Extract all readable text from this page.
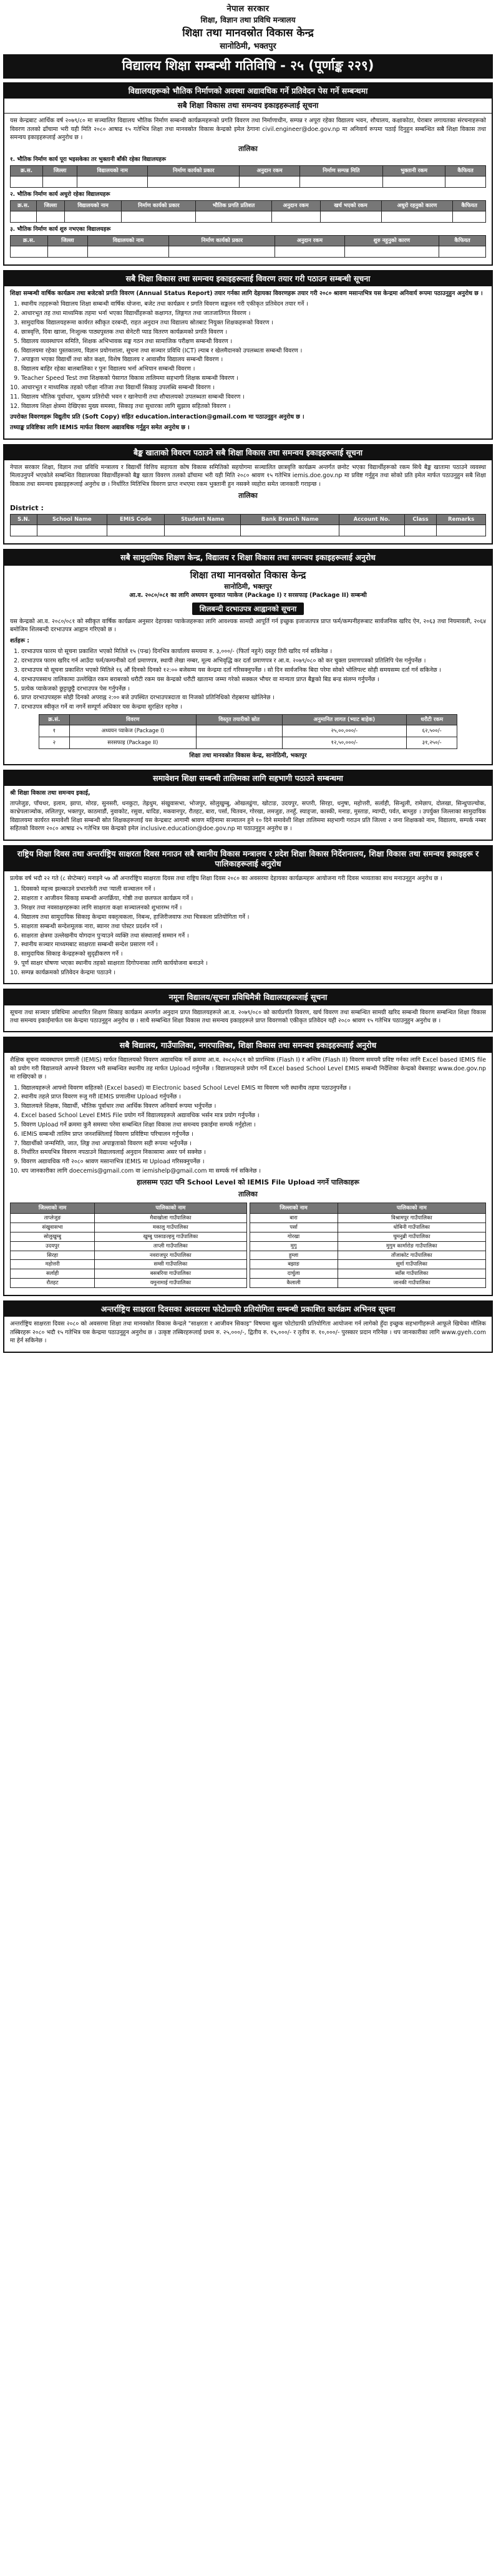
नेपाल सरकार
शिक्षा, विज्ञान तथा प्रविधि मन्त्रालय
शिक्षा तथा मानवस्रोत विकास केन्द्र
सानोठिमी, भक्तपुर
विद्यालय शिक्षा सम्बन्धी गतिविधि - २५ (पूर्णाङ्क २२९)
विद्यालयहरूको भौतिक निर्माणको अवस्था अद्यावधिक गर्ने प्रतिवेदन पेस गर्ने सम्बन्धमा
सबै शिक्षा विकास तथा समन्वय इकाइहरूलाई सूचना

यस केन्द्रबाट आर्थिक वर्ष २०७९/८० मा सञ्चालित विद्यालय भौतिक निर्माण सम्बन्धी कार्यक्रमहरूको प्रगति विवरण तथा निर्माणाधीन, सम्पन्न र अपूरा रहेका विद्यालय भवन, शौचालय, कक्षाकोठा, घेराबार लगायतका संरचनाहरूको विवरण तलको ढाँचामा भरी यही मिति २०८० आषाढ १५ गतेभित्र शिक्षा तथा मानवस्रोत विकास केन्द्रको इमेल ठेगाना civil.engineer@doe.gov.np मा अनिवार्य रूपमा पठाई दिनुहुन सम्बन्धित सबै शिक्षा विकास तथा समन्वय इकाइहरूलाई अनुरोध छ ।

तालिका
१. भौतिक निर्माण कार्य पूरा भइसकेका तर भुक्तानी बाँकी रहेका विद्यालयहरू
क्र.स.	जिल्ला	विद्यालयको नाम	निर्माण कार्यको प्रकार	अनुदान रकम	निर्माण सम्पन्न मिति	भुक्तानी रकम	कैफियत

२. भौतिक निर्माण कार्य अधुरो रहेका विद्यालयहरू
क्र.स.	जिल्ला	विद्यालयको नाम	निर्माण कार्यको प्रकार	भौतिक प्रगति प्रतिशत	अनुदान रकम	खर्च भएको रकम	अधुरो रहनुको कारण	कैफियत

३. भौतिक निर्माण कार्य शुरु नभएका विद्यालयहरू
क्र.स.	जिल्ला	विद्यालयको नाम	निर्माण कार्यको प्रकार	अनुदान रकम	शुरु नहुनुको कारण	कैफियत

सबै शिक्षा विकास तथा समन्वय इकाइहरूलाई विवरण तयार गरी पठाउन सम्बन्धी सूचना

शिक्षा सम्बन्धी वार्षिक कार्यक्रम तथा बजेटको प्रगति विवरण (Annual Status Report) तयार गर्नका लागि देहायका विवरणहरू तयार गरी २०८० श्रावण मसान्तभित्र यस केन्द्रमा अनिवार्य रूपमा पठाउनुहुन अनुरोध छ ।

1. स्थानीय तहहरूको विद्यालय शिक्षा सम्बन्धी वार्षिक योजना, बजेट तथा कार्यक्रम र प्रगति विवरण सङ्कलन गरी एकीकृत प्रतिवेदन तयार गर्ने ।
2. आधारभूत तह तथा माध्यमिक तहमा भर्ना भएका विद्यार्थीहरूको कक्षागत, लिङ्गगत तथा जातजातिगत विवरण ।
3. सामुदायिक विद्यालयहरूमा कार्यरत स्वीकृत दरबन्दी, राहत अनुदान तथा विद्यालय स्रोतबाट नियुक्त शिक्षकहरूको विवरण ।
4. छात्रवृत्ति, दिवा खाजा, निःशुल्क पाठ्यपुस्तक तथा सेनेटरी प्याड वितरण कार्यक्रमको प्रगति विवरण ।
5. विद्यालय व्यवस्थापन समिति, शिक्षक अभिभावक सङ्घ गठन तथा सामाजिक परीक्षण सम्बन्धी विवरण ।
6. विद्यालयमा रहेका पुस्तकालय, विज्ञान प्रयोगशाला, सूचना तथा सञ्चार प्रविधि (ICT) ल्याब र खेलमैदानको उपलब्धता सम्बन्धी विवरण ।
7. अपाङ्गता भएका विद्यार्थी तथा स्रोत कक्षा, विशेष विद्यालय र आवासीय विद्यालय सम्बन्धी विवरण ।
8. विद्यालय बाहिर रहेका बालबालिका र पुनः विद्यालय भर्ना अभियान सम्बन्धी विवरण ।
9. Teacher Speed Test तथा शिक्षकको पेसागत विकास तालिममा सहभागी शिक्षक सम्बन्धी विवरण ।
10. आधारभूत र माध्यमिक तहको परीक्षा नतिजा तथा विद्यार्थी सिकाइ उपलब्धि सम्बन्धी विवरण ।
11. विद्यालय भौतिक पूर्वाधार, भूकम्प प्रतिरोधी भवन र खानेपानी तथा शौचालयको उपलब्धता सम्बन्धी विवरण ।
12. विद्यालय शिक्षा क्षेत्रमा देखिएका मुख्य समस्या, सिकाइ तथा सुधारका लागि सुझाव सहितको विवरण ।

उपरोक्त विवरणहरू विद्युतीय प्रति (Soft Copy) सहित education.interaction@gmail.com मा पठाउनुहुन अनुरोध छ ।

तथ्याङ्क प्रविष्टिका लागि IEMIS मार्फत विवरण अद्यावधिक गर्नुहुन समेत अनुरोध छ ।

बैङ्क खाताको विवरण पठाउने सबै शिक्षा विकास तथा समन्वय इकाइहरूलाई सूचना

नेपाल सरकार शिक्षा, विज्ञान तथा प्रविधि मन्त्रालय र विद्यार्थी वित्तिय सहायता कोष विकास समितिको सहयोगमा सञ्चालित छात्रवृत्ति कार्यक्रम अन्तर्गत छनोट भएका विद्यार्थीहरूको रकम सिधै बैङ्क खातामा पठाउने व्यवस्था मिलाउनुपर्ने भएकोले सम्बन्धित विद्यालयका विद्यार्थीहरूको बैङ्क खाता विवरण तलको ढाँचामा भरी यही मिति २०८० श्रावण १५ गतेभित्र iemis.doe.gov.np मा प्रविष्ट गर्नुहुन तथा सोको प्रति इमेल मार्फत पठाउनुहुन सबै शिक्षा विकास तथा समन्वय इकाइहरूलाई अनुरोध छ । निर्धारित मितिभित्र विवरण प्राप्त नभएमा रकम भुक्तानी हुन नसक्ने व्यहोरा समेत जानकारी गराइन्छ ।

तालिका
District :
S.N.	School Name	EMIS Code	Student Name	Bank Branch Name	Account No.	Class	Remarks

सबै सामुदायिक शिक्षण केन्द्र, विद्यालय र शिक्षा विकास तथा समन्वय इकाइहरूलाई अनुरोध
शिक्षा तथा मानवस्रोत विकास केन्द्र
सानोठिमी, भक्तपुर

आ.व. २०८०/०८१ का लागि अध्ययन सुरुवात प्याकेज (Package I) र सरसफाइ (Package II) सम्बन्धी

शिलबन्दी दरभाउपत्र आह्वानको सूचना

यस केन्द्रको आ.व. २०८०/०८१ को स्वीकृत वार्षिक कार्यक्रम अनुसार देहायका प्याकेजहरूका लागि आवश्यक सामग्री आपूर्ति गर्न इच्छुक इजाजतपत्र प्राप्त फर्म/कम्पनीहरूबाट सार्वजनिक खरिद ऐन, २०६३ तथा नियमावली, २०६४ बमोजिम शिलबन्दी दरभाउपत्र आह्वान गरिएको छ ।

शर्तहरू :

1. दरभाउपत्र फारम यो सूचना प्रकाशित भएको मितिले १५ (पन्ध्र) दिनभित्र कार्यालय समयमा रु. ३,०००/- (फिर्ता नहुने) दस्तुर तिरी खरिद गर्न सकिनेछ ।
2. दरभाउपत्र फारम खरिद गर्न आउँदा फर्म/कम्पनीको दर्ता प्रमाणपत्र, स्थायी लेखा नम्बर, मूल्य अभिवृद्धि कर दर्ता प्रमाणपत्र र आ.व. २०७९/०८० को कर चुक्ता प्रमाणपत्रको प्रतिलिपि पेस गर्नुपर्नेछ ।
3. दरभाउपत्र यो सूचना प्रकाशित भएको मितिले १६ औं दिनको दिनको १२:०० बजेसम्म यस केन्द्रमा दर्ता गरिसक्नुपर्नेछ । सो दिन सार्वजनिक बिदा परेमा सोको भोलिपल्ट सोही समयसम्म दर्ता गर्न सकिनेछ ।
4. दरभाउपत्रसाथ तालिकामा उल्लेखित रकम बराबरको धरौटी रकम यस केन्द्रको धरौटी खातामा जम्मा गरेको सक्कल भौचर वा मान्यता प्राप्त बैङ्कको बिड बन्ड संलग्न गर्नुपर्नेछ ।
5. प्रत्येक प्याकेजको छुट्टाछुट्टै दरभाउपत्र पेस गर्नुपर्नेछ ।
6. प्राप्त दरभाउपत्रहरू सोही दिनको अपराह्न २:०० बजे उपस्थित दरभाउपत्रदाता वा निजको प्रतिनिधिको रोहबरमा खोलिनेछ ।
7. दरभाउपत्र स्वीकृत गर्ने वा नगर्ने सम्पूर्ण अधिकार यस केन्द्रमा सुरक्षित रहनेछ ।
क्र.सं.	विवरण	विस्तृत तयारीको स्रोत	अनुमानित लागत (भ्याट बाहेक)	धरौटी रकम
१	अध्ययन प्याकेज (Package I)		२५,००,०००/-	६२,५००/-
२	सरसफाइ (Package II)		१२,५०,०००/-	३१,२५०/-
शिक्षा तथा मानवस्रोत विकास केन्द्र, सानोठिमी, भक्तपुर
समावेशन शिक्षा सम्बन्धी तालिमका लागि सहभागी पठाउने सम्बन्धमा

श्री शिक्षा विकास तथा समन्वय इकाई,

ताप्लेजुङ, पाँचथर, इलाम, झापा, मोरङ, सुनसरी, धनकुटा, तेह्रथुम, संखुवासभा, भोजपुर, सोलुखुम्बु, ओखलढुंगा, खोटाङ, उदयपुर, सप्तरी, सिरहा, धनुषा, महोत्तरी, सर्लाही, सिन्धुली, रामेछाप, दोलखा, सिन्धुपाल्चोक, काभ्रेपलाञ्चोक, ललितपुर, भक्तपुर, काठमाडौं, नुवाकोट, रसुवा, धादिङ, मकवानपुर, रौतहट, बारा, पर्सा, चितवन, गोरखा, लमजुङ, तनहुँ, स्याङ्जा, कास्की, मनाङ, मुस्ताङ, म्याग्दी, पर्वत, बाग्लुङ । उपर्युक्त जिल्लाका सामुदायिक विद्यालयमा कार्यरत समावेशी शिक्षा सम्बन्धी स्रोत शिक्षकहरूलाई यस केन्द्रबाट आगामी श्रावण महिनामा सञ्चालन हुने १० दिने समावेशी शिक्षा तालिममा सहभागी गराउन प्रति जिल्ला २ जना शिक्षकको नाम, विद्यालय, सम्पर्क नम्बर सहितको विवरण २०८० आषाढ २५ गतेभित्र यस केन्द्रको इमेल inclusive.education@doe.gov.np मा पठाउनुहुन अनुरोध छ ।

राष्ट्रिय शिक्षा दिवस तथा अन्तर्राष्ट्रिय साक्षरता दिवस मनाउन सबै स्थानीय विकास मन्त्रालय र प्रदेश शिक्षा विकास निर्देशनालय, शिक्षा विकास तथा समन्वय इकाइहरू र पालिकाहरूलाई अनुरोध

प्रत्येक वर्ष भदौ २२ गते (८ सेप्टेम्बर) मनाइने ५७ औं अन्तर्राष्ट्रिय साक्षरता दिवस तथा राष्ट्रिय शिक्षा दिवस २०८० का अवसरमा देहायका कार्यक्रमहरू आयोजना गरी दिवस भव्यताका साथ मनाउनुहुन अनुरोध छ ।

1. दिवसको महत्त्व झल्काउने प्रभातफेरी तथा र्‍याली सञ्चालन गर्ने ।
2. साक्षरता र आजीवन सिकाइ सम्बन्धी अन्तर्क्रिया, गोष्ठी तथा छलफल कार्यक्रम गर्ने ।
3. निरक्षर तथा नवसाक्षरहरूका लागि साक्षरता कक्षा सञ्चालनको शुभारम्भ गर्ने ।
4. विद्यालय तथा सामुदायिक सिकाइ केन्द्रमा वक्तृत्वकला, निबन्ध, हाजिरीजवाफ तथा चित्रकला प्रतियोगिता गर्ने ।
5. साक्षरता सम्बन्धी सन्देशमूलक नारा, ब्यानर तथा पोस्टर प्रदर्शन गर्ने ।
6. साक्षरता क्षेत्रमा उल्लेखनीय योगदान पुर्‍याउने व्यक्ति तथा संस्थालाई सम्मान गर्ने ।
7. स्थानीय सञ्चार माध्यमबाट साक्षरता सम्बन्धी सन्देश प्रसारण गर्ने ।
8. सामुदायिक सिकाइ केन्द्रहरूको सुदृढीकरण गर्ने ।
9. पूर्ण साक्षर घोषणा भएका स्थानीय तहको साक्षरता दिगोपनाका लागि कार्ययोजना बनाउने ।
10. सम्पन्न कार्यक्रमको प्रतिवेदन केन्द्रमा पठाउने ।
नमूना विद्यालय/सूचना प्रविधिमैत्री विद्यालयहरूलाई सूचना

सूचना तथा सञ्चार प्रविधिमा आधारित शिक्षण सिकाइ कार्यक्रम अन्तर्गत अनुदान प्राप्त विद्यालयहरूले आ.व. २०७९/०८० को कार्यप्रगति विवरण, खर्च विवरण तथा सम्बन्धित सामग्री खरिद सम्बन्धी विवरण सम्बन्धित शिक्षा विकास तथा समन्वय इकाईमार्फत यस केन्द्रमा पठाउनुहुन अनुरोध छ । साथै सम्बन्धित शिक्षा विकास तथा समन्वय इकाइहरूले प्राप्त विवरणको एकीकृत प्रतिवेदन यही २०८० श्रावण १५ गतेभित्र पठाउनुहुन अनुरोध छ ।

सबै विद्यालय, गाउँपालिका, नगरपालिका, शिक्षा विकास तथा समन्वय इकाइहरूलाई अनुरोध

शैक्षिक सूचना व्यवस्थापन प्रणाली (IEMIS) मार्फत विद्यालयको विवरण अद्यावधिक गर्ने क्रममा आ.व. २०८०/०८१ को प्रारम्भिक (Flash I) र अन्तिम (Flash II) विवरण समयमै प्रविष्ट गर्नका लागि Excel based IEMIS file को प्रयोग गरी विद्यालयले आफ्नो विवरण भरी सम्बन्धित स्थानीय तह मार्फत Upload गर्नुपर्नेछ । विद्यालयहरूले प्रयोग गर्ने Excel based School Level EMIS सम्बन्धी निर्देशिका केन्द्रको वेबसाइट www.doe.gov.np मा राखिएको छ ।

1. विद्यालयहरूले आफ्नो विवरण सहितको (Excel based) वा Electronic based School Level EMIS मा विवरण भरी स्थानीय तहमा पठाउनुपर्नेछ ।
2. स्थानीय तहले प्राप्त विवरण रुजु गरी IEMIS प्रणालीमा Upload गर्नुपर्नेछ ।
3. विद्यालयले शिक्षक, विद्यार्थी, भौतिक पूर्वाधार तथा आर्थिक विवरण अनिवार्य रूपमा भर्नुपर्नेछ ।
4. Excel based School Level EMIS File प्रयोग गर्ने विद्यालयहरूले अद्यावधिक भर्सन मात्र प्रयोग गर्नुपर्नेछ ।
5. विवरण Upload गर्ने क्रममा कुनै समस्या परेमा सम्बन्धित शिक्षा विकास तथा समन्वय इकाईमा सम्पर्क गर्नुहोला ।
6. IEMIS सम्बन्धी तालिम प्राप्त जनशक्तिलाई विवरण प्रविष्टिमा परिचालन गर्नुपर्नेछ ।
7. विद्यार्थीको जन्ममिति, जात, लिङ्ग तथा अपाङ्गताको विवरण सही रूपमा भर्नुपर्नेछ ।
8. निर्धारित समयभित्र विवरण नपठाउने विद्यालयलाई अनुदान निकासामा असर पर्न सक्नेछ ।
9. विवरण अद्यावधिक गरी २०८० श्रावण मसान्तभित्र IEMIS मा Upload गरिसक्नुपर्नेछ ।
10. थप जानकारीका लागि doecemis@gmail.com वा iemishelp@gmail.com मा सम्पर्क गर्न सकिनेछ ।
हालसम्म एउटा पनि School Level को IEMIS File Upload नगर्ने पालिकाहरू
तालिका
जिल्लाको नाम	पालिकाको नाम
ताप्लेजुङ	मैवाखोला गाउँपालिका
संखुवासभा	मकालु गाउँपालिका
सोलुखुम्बु	खुम्बु पासाङल्हमु गाउँपालिका
उदयपुर	ताप्ली गाउँपालिका
सिरहा	नवराजपुर गाउँपालिका
महोत्तरी	सम्सी गाउँपालिका
सर्लाही	बसबरिया गाउँपालिका
रौतहट	यमुनामाई गाउँपालिका
जिल्लाको नाम	पालिकाको नाम
बारा	विश्रामपुर गाउँपालिका
पर्सा	धोबिनी गाउँपालिका
गोरखा	चुमनुब्री गाउँपालिका
मुगु	मुगुम कार्मारोङ गाउँपालिका
हुम्ला	ताँजाकोट गाउँपालिका
बझाङ	सूर्मा गाउँपालिका
दार्चुला	ब्याँस गाउँपालिका
कैलाली	जानकी गाउँपालिका
अन्तर्राष्ट्रिय साक्षरता दिवसका अवसरमा फोटोग्राफी प्रतियोगिता सम्बन्धी प्रकाशित कार्यक्रम अभिनव सूचना

अन्तर्राष्ट्रिय साक्षरता दिवस २०८० को अवसरमा शिक्षा तथा मानवस्रोत विकास केन्द्रले "साक्षरता र आजीवन सिकाइ" विषयमा खुला फोटोग्राफी प्रतियोगिता आयोजना गर्न लागेको हुँदा इच्छुक सहभागीहरूले आफूले खिचेका मौलिक तस्बिरहरू २०८० भदौ १५ गतेभित्र यस केन्द्रमा पठाउनुहुन अनुरोध छ । उत्कृष्ट तस्बिरहरूलाई प्रथम रु. २५,०००/-, द्वितीय रु. १५,०००/- र तृतीय रु. १०,०००/- पुरस्कार प्रदान गरिनेछ । थप जानकारीका लागि www.gyeh.com मा हेर्न सकिनेछ ।
